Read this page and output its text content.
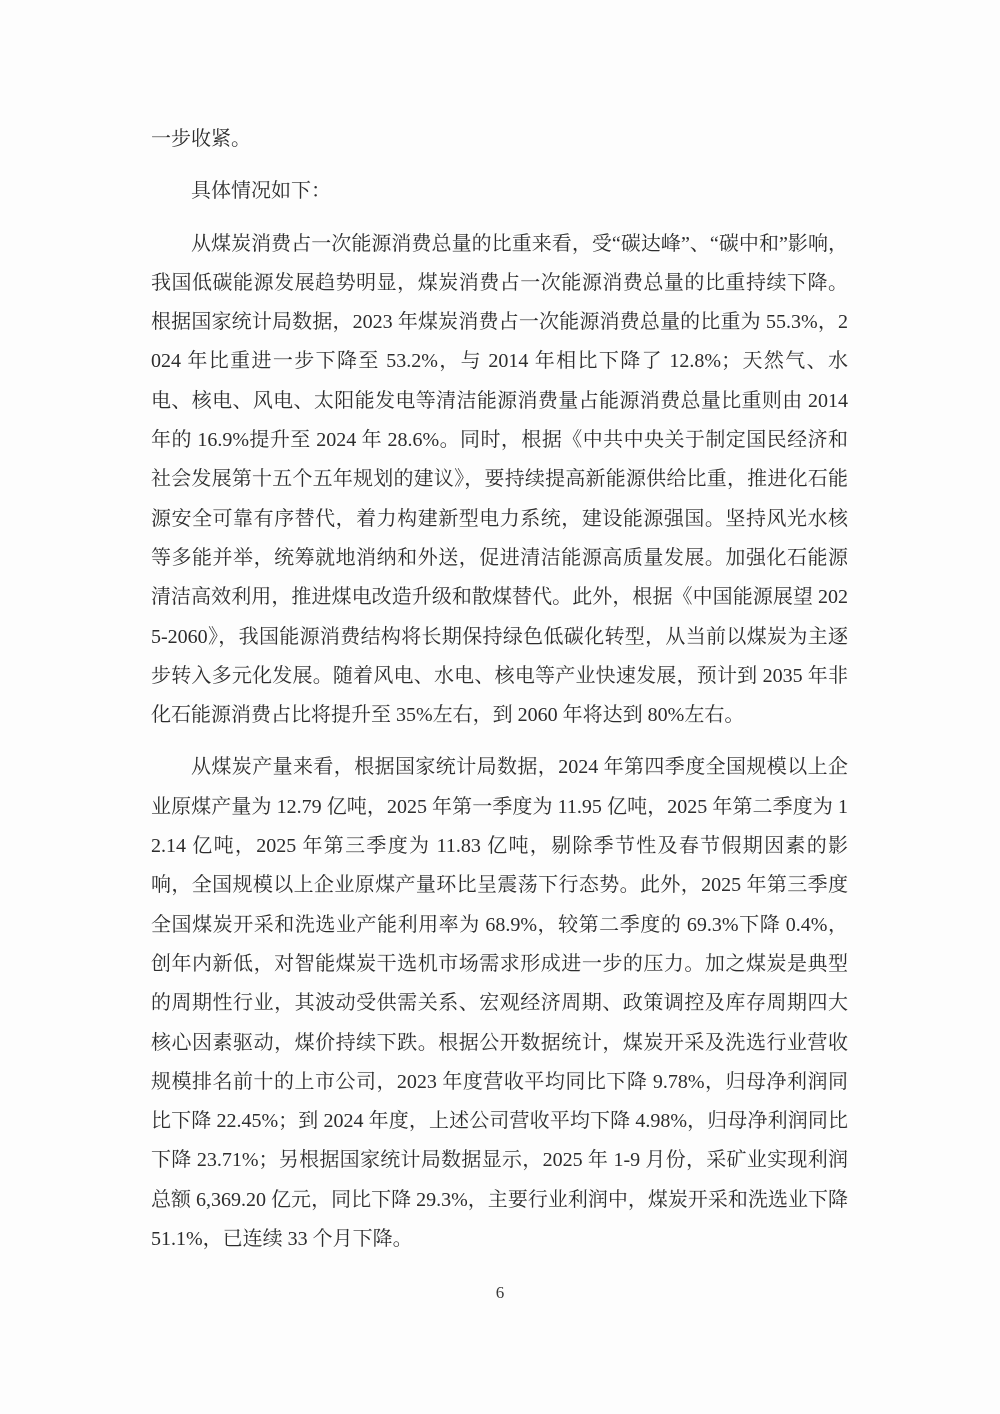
一步收紧。

具体情况如下：

从煤炭消费占一次能源消费总量的比重来看，受“碳达峰”、“碳中和”影响，我国低碳能源发展趋势明显，煤炭消费占一次能源消费总量的比重持续下降。根据国家统计局数据，2023 年煤炭消费占一次能源消费总量的比重为 55.3%，2024 年比重进一步下降至 53.2%，与 2014 年相比下降了 12.8%；天然气、水电、核电、风电、太阳能发电等清洁能源消费量占能源消费总量比重则由 2014 年的 16.9%提升至 2024 年 28.6%。同时，根据《中共中央关于制定国民经济和社会发展第十五个五年规划的建议》，要持续提高新能源供给比重，推进化石能源安全可靠有序替代，着力构建新型电力系统，建设能源强国。坚持风光水核等多能并举，统筹就地消纳和外送，促进清洁能源高质量发展。加强化石能源清洁高效利用，推进煤电改造升级和散煤替代。此外，根据《中国能源展望 2025-2060》，我国能源消费结构将长期保持绿色低碳化转型，从当前以煤炭为主逐步转入多元化发展。随着风电、水电、核电等产业快速发展，预计到 2035 年非化石能源消费占比将提升至 35%左右，到 2060 年将达到 80%左右。

从煤炭产量来看，根据国家统计局数据，2024 年第四季度全国规模以上企业原煤产量为 12.79 亿吨，2025 年第一季度为 11.95 亿吨，2025 年第二季度为 12.14 亿吨，2025 年第三季度为 11.83 亿吨，剔除季节性及春节假期因素的影响，全国规模以上企业原煤产量环比呈震荡下行态势。此外，2025 年第三季度全国煤炭开采和洗选业产能利用率为 68.9%，较第二季度的 69.3%下降 0.4%，创年内新低，对智能煤炭干选机市场需求形成进一步的压力。加之煤炭是典型的周期性行业，其波动受供需关系、宏观经济周期、政策调控及库存周期四大核心因素驱动，煤价持续下跌。根据公开数据统计，煤炭开采及洗选行业营收规模排名前十的上市公司，2023 年度营收平均同比下降 9.78%，归母净利润同比下降 22.45%；到 2024 年度，上述公司营收平均下降 4.98%，归母净利润同比下降 23.71%；另根据国家统计局数据显示，2025 年 1-9 月份，采矿业实现利润总额 6,369.20 亿元，同比下降 29.3%，主要行业利润中，煤炭开采和洗选业下降 51.1%，已连续 33 个月下降。

6
